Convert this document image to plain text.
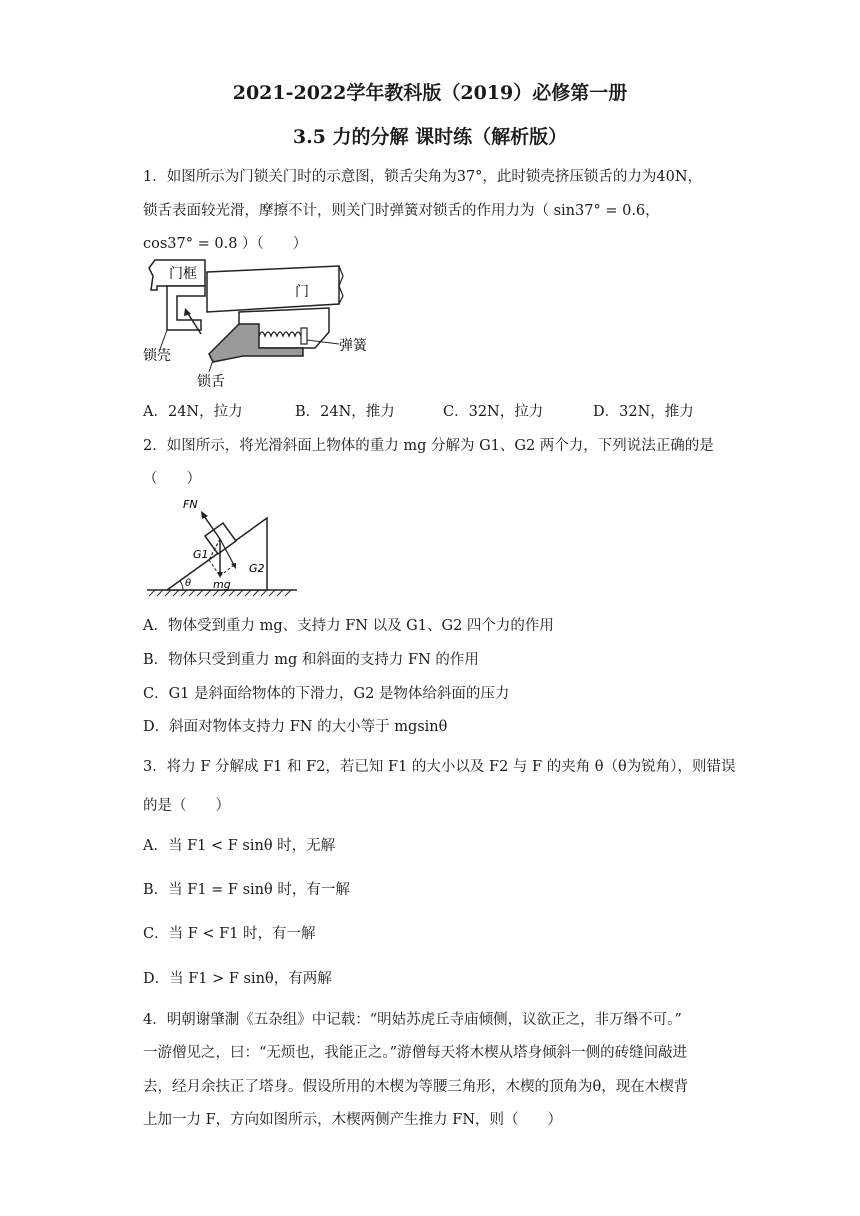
2021-2022学年教科版（2019）必修第一册
3.5 力的分解 课时练（解析版）
1．如图所示为门锁关门时的示意图，锁舌尖角为37°，此时锁壳挤压锁舌的力为40N，
锁舌表面较光滑，摩擦不计，则关门时弹簧对锁舌的作用力为（ sin37° = 0.6，
cos37° = 0.8 ）（　　）
门框
门
锁壳
锁舌
弹簧
A．24N，拉力	B．24N，推力	C．32N，拉力	D．32N，推力
2．如图所示，将光滑斜面上物体的重力 mg 分解为 G1、G2 两个力，下列说法正确的是
（　　）
θ
FN
mg
G1
G2
A．物体受到重力 mg、支持力 FN 以及 G1、G2 四个力的作用
B．物体只受到重力 mg 和斜面的支持力 FN 的作用
C．G1 是斜面给物体的下滑力，G2 是物体给斜面的压力
D．斜面对物体支持力 FN 的大小等于 mgsinθ
3．将力 F 分解成 F1 和 F2，若已知 F1 的大小以及 F2 与 F 的夹角 θ（θ为锐角），则错误
的是（　　）
A．当 F1 < F sinθ 时，无解
B．当 F1 = F sinθ 时，有一解
C．当 F < F1 时，有一解
D．当 F1 > F sinθ，有两解
4．明朝谢肇淛《五杂组》中记载：“明姑苏虎丘寺庙倾侧，议欲正之，非万缗不可。”
一游僧见之，曰：“无烦也，我能正之。”游僧每天将木楔从塔身倾斜一侧的砖缝间敲进
去，经月余扶正了塔身。假设所用的木楔为等腰三角形，木楔的顶角为θ，现在木楔背
上加一力 F，方向如图所示，木楔两侧产生推力 FN，则（　　）
